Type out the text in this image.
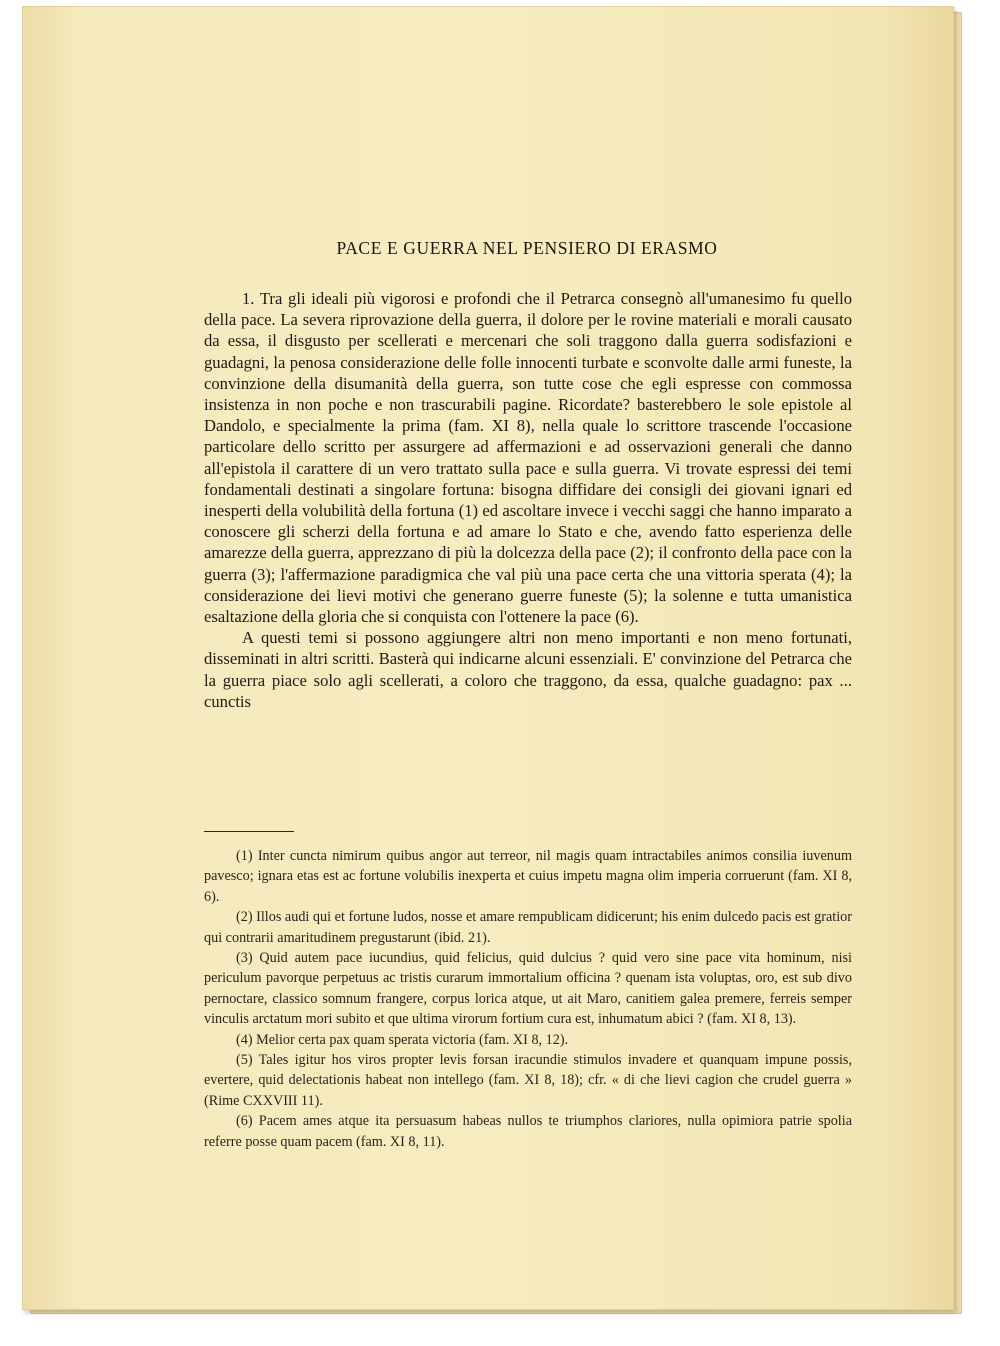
PACE E GUERRA NEL PENSIERO DI ERASMO

1. Tra gli ideali più vigorosi e profondi che il Petrarca consegnò all'umanesimo fu quello della pace. La severa riprovazione della guerra, il dolore per le rovine materiali e morali causato da essa, il disgusto per scellerati e mercenari che soli traggono dalla guerra sodisfazioni e guadagni, la penosa considerazione delle folle innocenti turbate e sconvolte dalle armi funeste, la convinzione della disumanità della guerra, son tutte cose che egli espresse con commossa insistenza in non poche e non trascurabili pagine. Ricordate? basterebbero le sole epistole al Dandolo, e specialmente la prima (fam. XI 8), nella quale lo scrittore trascende l'occasione particolare dello scritto per assurgere ad affermazioni e ad osservazioni generali che danno all'epistola il carattere di un vero trattato sulla pace e sulla guerra. Vi trovate espressi dei temi fondamentali destinati a singolare fortuna: bisogna diffidare dei consigli dei giovani ignari ed inesperti della volubilità della fortuna (1) ed ascoltare invece i vecchi saggi che hanno imparato a conoscere gli scherzi della fortuna e ad amare lo Stato e che, avendo fatto esperienza delle amarezze della guerra, apprezzano di più la dolcezza della pace (2); il confronto della pace con la guerra (3); l'affermazione paradigmica che val più una pace certa che una vittoria sperata (4); la considerazione dei lievi motivi che generano guerre funeste (5); la solenne e tutta umanistica esaltazione della gloria che si conquista con l'ottenere la pace (6).

A questi temi si possono aggiungere altri non meno importanti e non meno fortunati, disseminati in altri scritti. Basterà qui indicarne alcuni essenziali. E' convinzione del Petrarca che la guerra piace solo agli scellerati, a coloro che traggono, da essa, qualche guadagno: pax ... cunctis

(1) Inter cuncta nimirum quibus angor aut terreor, nil magis quam intractabiles animos consilia iuvenum pavesco; ignara etas est ac fortune volubilis inexperta et cuius impetu magna olim imperia corruerunt (fam. XI 8, 6).

(2) Illos audi qui et fortune ludos, nosse et amare rempublicam didicerunt; his enim dulcedo pacis est gratior qui contrarii amaritudinem pregustarunt (ibid. 21).

(3) Quid autem pace iucundius, quid felicius, quid dulcius ? quid vero sine pace vita hominum, nisi periculum pavorque perpetuus ac tristis curarum immortalium officina ? quenam ista voluptas, oro, est sub divo pernoctare, classico somnum frangere, corpus lorica atque, ut ait Maro, canitiem galea premere, ferreis semper vinculis arctatum mori subito et que ultima virorum fortium cura est, inhumatum abici ? (fam. XI 8, 13).

(4) Melior certa pax quam sperata victoria (fam. XI 8, 12).

(5) Tales igitur hos viros propter levis forsan iracundie stimulos invadere et quanquam impune possis, evertere, quid delectationis habeat non intellego (fam. XI 8, 18); cfr. « di che lievi cagion che crudel guerra » (Rime CXXVIII 11).

(6) Pacem ames atque ita persuasum habeas nullos te triumphos clariores, nulla opimiora patrie spolia referre posse quam pacem (fam. XI 8, 11).
